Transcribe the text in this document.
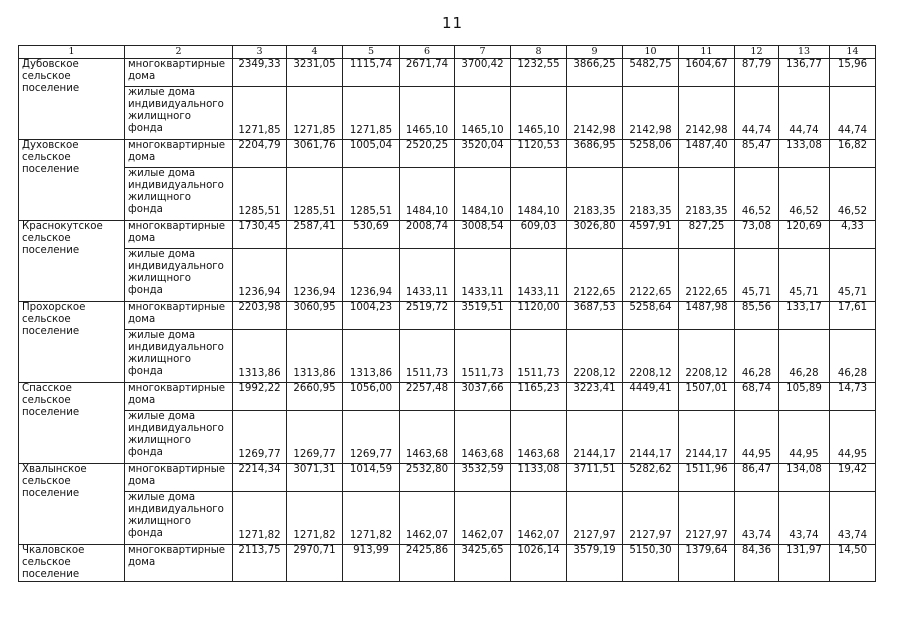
11
1	2	3	4	5	6	7	8	9	10	11	12	13	14
Дубовское сельское поселение	многоквартирные дома	2349,33	3231,05	1115,74	2671,74	3700,42	1232,55	3866,25	5482,75	1604,67	87,79	136,77	15,96
	жилые дома индивидуального жилищного фонда	1271,85	1271,85	1271,85	1465,10	1465,10	1465,10	2142,98	2142,98	2142,98	44,74	44,74	44,74
Духовское сельское поселение	многоквартирные дома	2204,79	3061,76	1005,04	2520,25	3520,04	1120,53	3686,95	5258,06	1487,40	85,47	133,08	16,82
	жилые дома индивидуального жилищного фонда	1285,51	1285,51	1285,51	1484,10	1484,10	1484,10	2183,35	2183,35	2183,35	46,52	46,52	46,52
Краснокутское сельское поселение	многоквартирные дома	1730,45	2587,41	530,69	2008,74	3008,54	609,03	3026,80	4597,91	827,25	73,08	120,69	4,33
	жилые дома индивидуального жилищного фонда	1236,94	1236,94	1236,94	1433,11	1433,11	1433,11	2122,65	2122,65	2122,65	45,71	45,71	45,71
Прохорское сельское поселение	многоквартирные дома	2203,98	3060,95	1004,23	2519,72	3519,51	1120,00	3687,53	5258,64	1487,98	85,56	133,17	17,61
	жилые дома индивидуального жилищного фонда	1313,86	1313,86	1313,86	1511,73	1511,73	1511,73	2208,12	2208,12	2208,12	46,28	46,28	46,28
Спасское сельское поселение	многоквартирные дома	1992,22	2660,95	1056,00	2257,48	3037,66	1165,23	3223,41	4449,41	1507,01	68,74	105,89	14,73
	жилые дома индивидуального жилищного фонда	1269,77	1269,77	1269,77	1463,68	1463,68	1463,68	2144,17	2144,17	2144,17	44,95	44,95	44,95
Хвалынское сельское поселение	многоквартирные дома	2214,34	3071,31	1014,59	2532,80	3532,59	1133,08	3711,51	5282,62	1511,96	86,47	134,08	19,42
	жилые дома индивидуального жилищного фонда	1271,82	1271,82	1271,82	1462,07	1462,07	1462,07	2127,97	2127,97	2127,97	43,74	43,74	43,74
Чкаловское сельское поселение	многоквартирные дома	2113,75	2970,71	913,99	2425,86	3425,65	1026,14	3579,19	5150,30	1379,64	84,36	131,97	14,50
